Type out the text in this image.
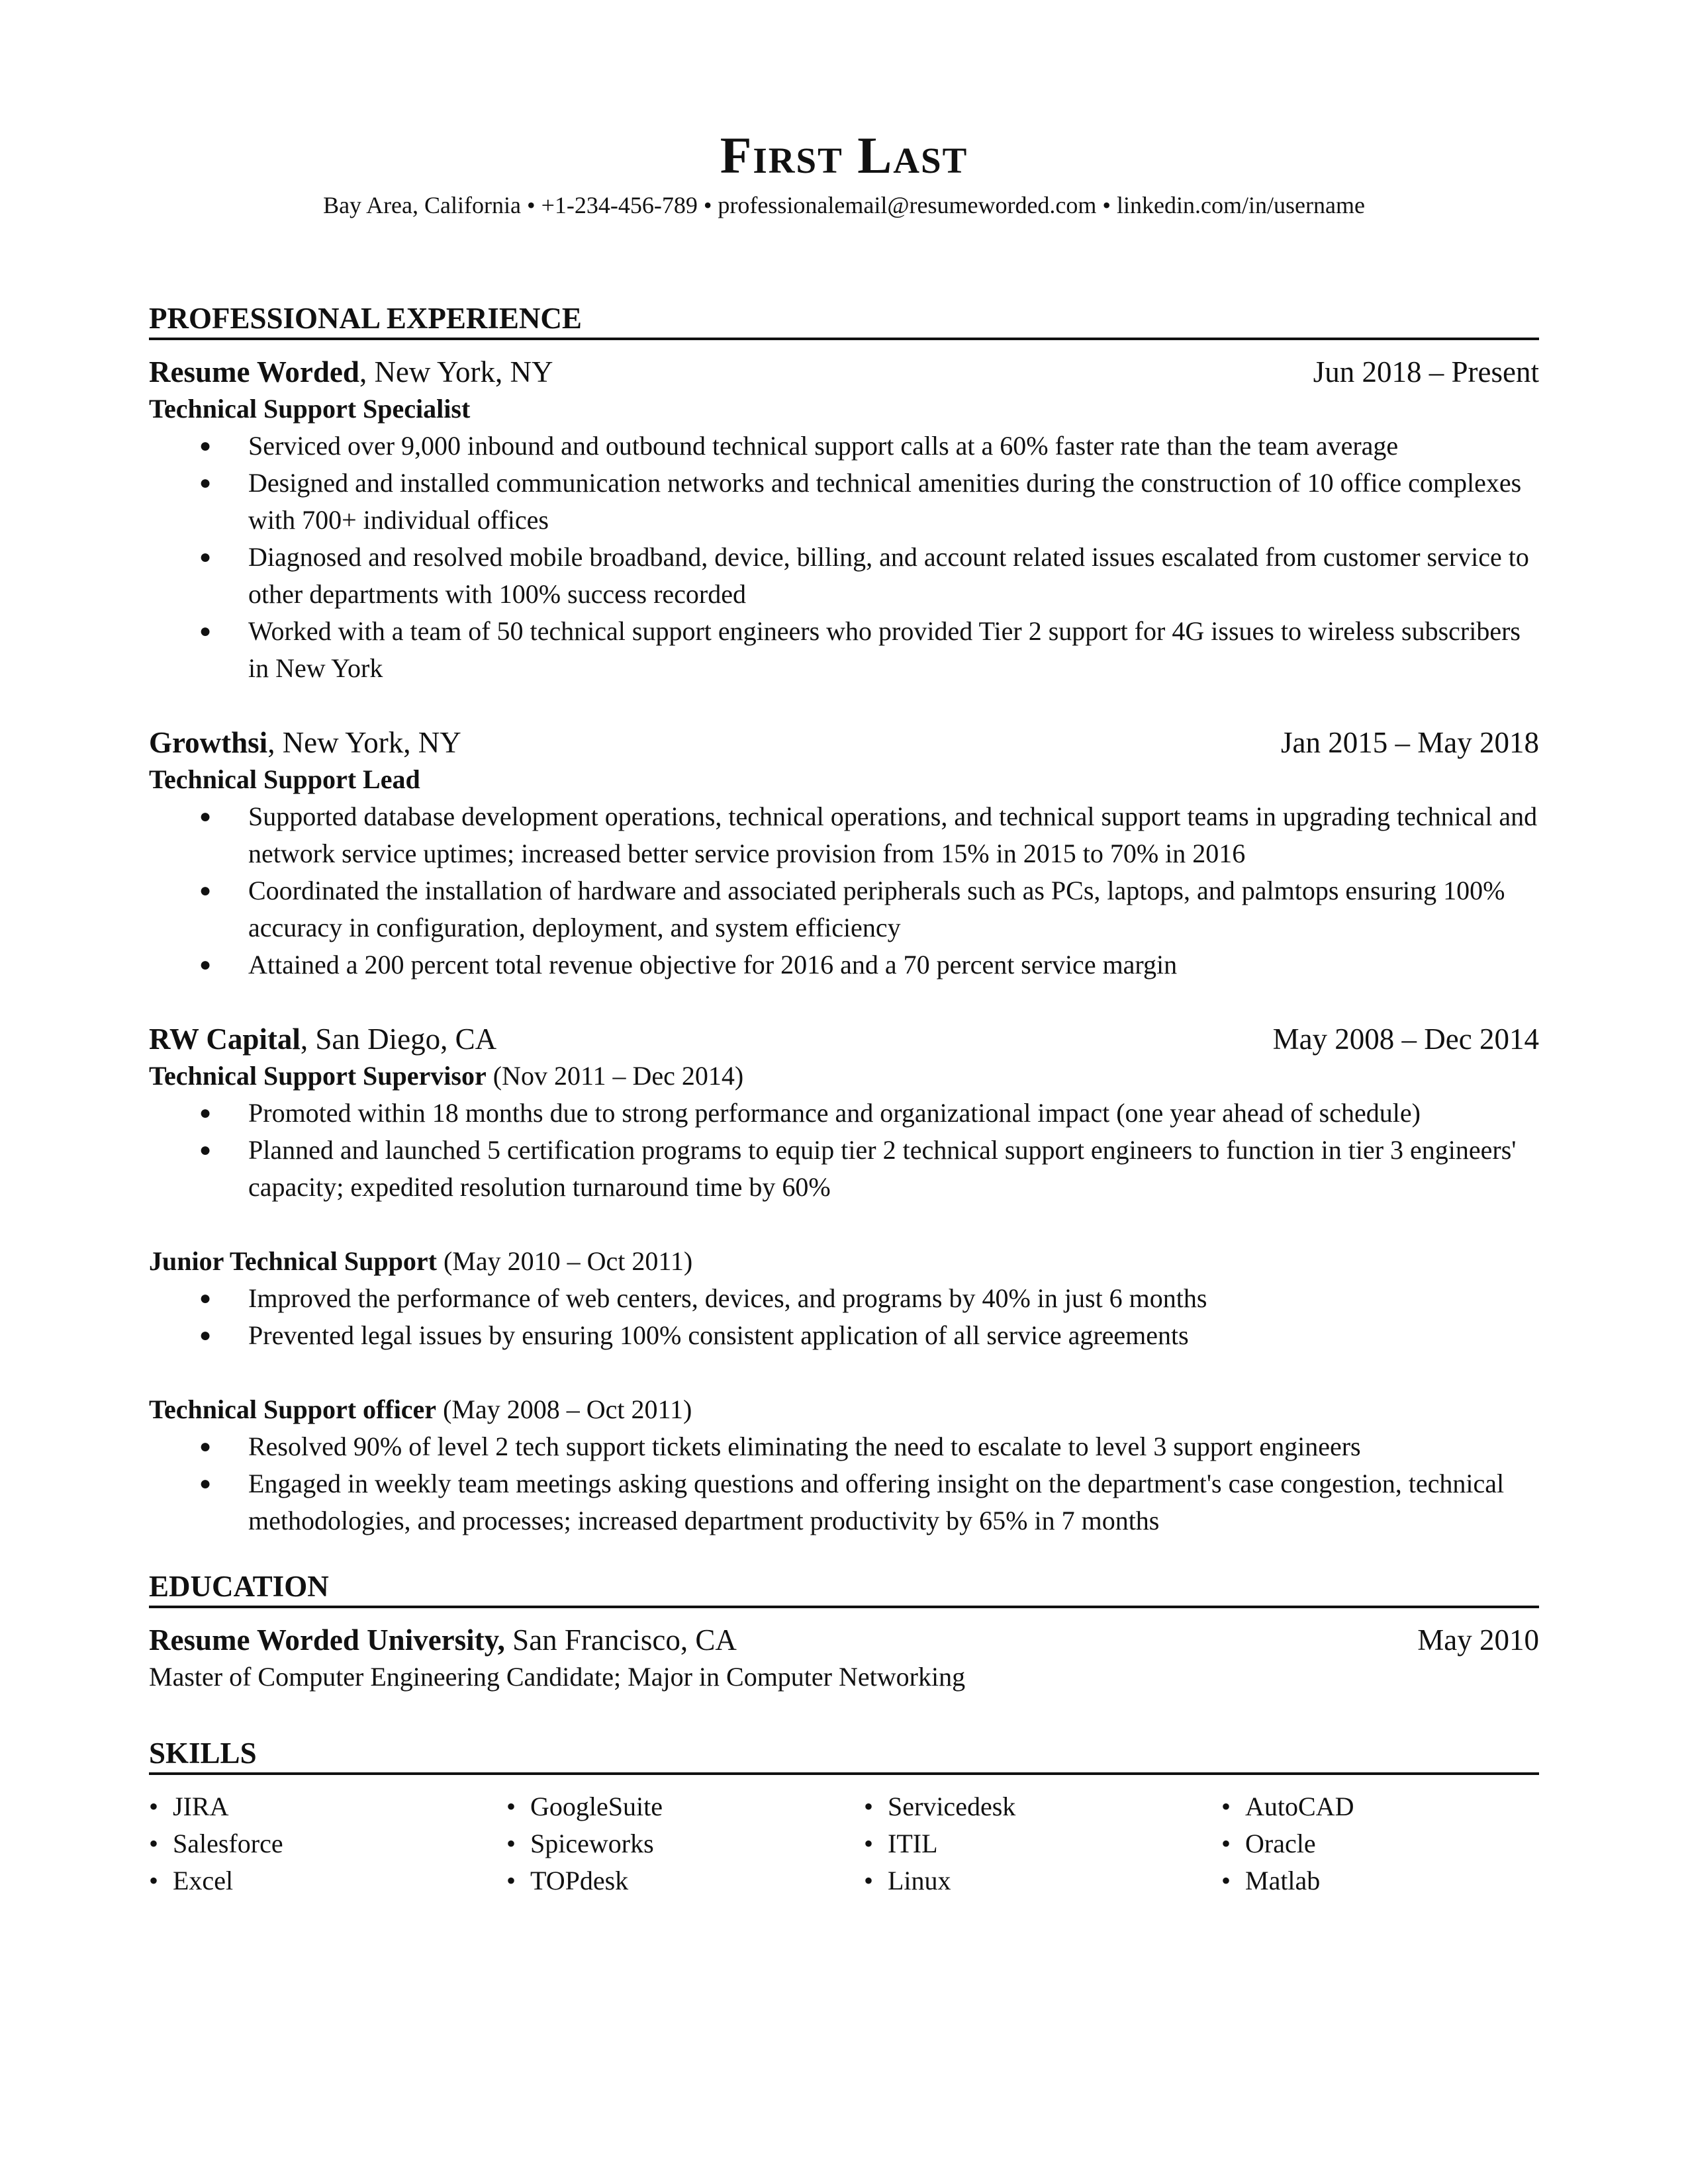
First Last
Bay Area, California • +1-234-456-789 • professionalemail@resumeworded.com • linkedin.com/in/username
PROFESSIONAL EXPERIENCE
Resume Worded, New York, NY	Jun 2018 – Present
Technical Support Specialist
● Serviced over 9,000 inbound and outbound technical support calls at a 60% faster rate than the team average
● Designed and installed communication networks and technical amenities during the construction of 10 office complexes with 700+ individual offices
● Diagnosed and resolved mobile broadband, device, billing, and account related issues escalated from customer service to other departments with 100% success recorded
● Worked with a team of 50 technical support engineers who provided Tier 2 support for 4G issues to wireless subscribers in New York
Growthsi, New York, NY	Jan 2015 – May 2018
Technical Support Lead
● Supported database development operations, technical operations, and technical support teams in upgrading technical and network service uptimes; increased better service provision from 15% in 2015 to 70% in 2016
● Coordinated the installation of hardware and associated peripherals such as PCs, laptops, and palmtops ensuring 100% accuracy in configuration, deployment, and system efficiency
● Attained a 200 percent total revenue objective for 2016 and a 70 percent service margin
RW Capital, San Diego, CA	May 2008 – Dec 2014
Technical Support Supervisor (Nov 2011 – Dec 2014)
● Promoted within 18 months due to strong performance and organizational impact (one year ahead of schedule)
● Planned and launched 5 certification programs to equip tier 2 technical support engineers to function in tier 3 engineers' capacity; expedited resolution turnaround time by 60%
Junior Technical Support (May 2010 – Oct 2011)
● Improved the performance of web centers, devices, and programs by 40% in just 6 months
● Prevented legal issues by ensuring 100% consistent application of all service agreements
Technical Support officer (May 2008 – Oct 2011)
● Resolved 90% of level 2 tech support tickets eliminating the need to escalate to level 3 support engineers
● Engaged in weekly team meetings asking questions and offering insight on the department's case congestion, technical methodologies, and processes; increased department productivity by 65% in 7 months
EDUCATION
Resume Worded University, San Francisco, CA	May 2010
Master of Computer Engineering Candidate; Major in Computer Networking
SKILLS
• JIRA	• GoogleSuite	• Servicedesk	• AutoCAD
• Salesforce	• Spiceworks	• ITIL	• Oracle
• Excel	• TOPdesk	• Linux	• Matlab
